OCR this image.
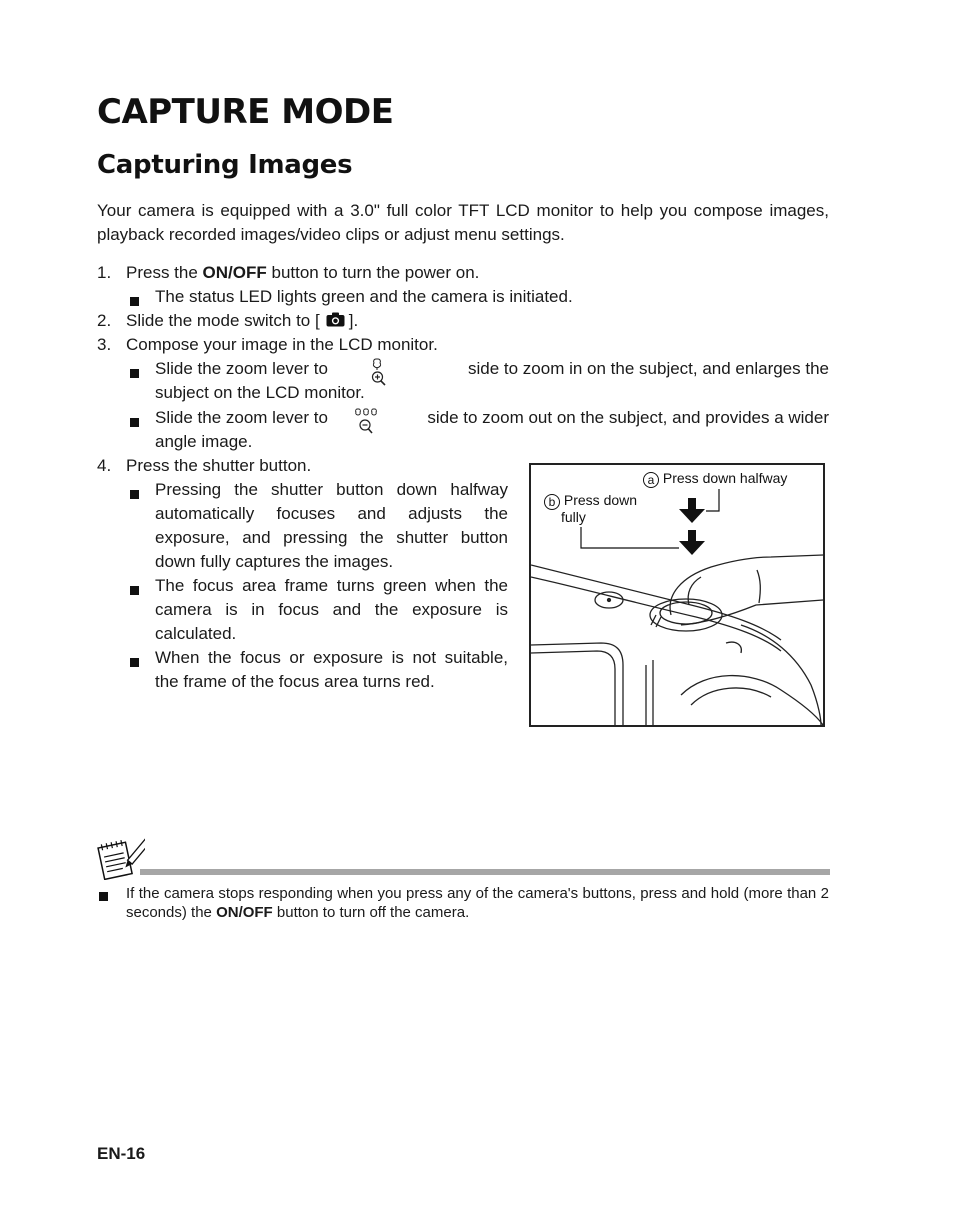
CAPTURE MODE
Capturing Images
Your camera is equipped with a 3.0" full color TFT LCD monitor to help you compose images, playback recorded images/video clips or adjust menu settings.
1. Press the ON/OFF button to turn the power on.
The status LED lights green and the camera is initiated.
2. Slide the mode switch to [ ].
3. Compose your image in the LCD monitor.
Slide the zoom lever to	side to zoom in on the subject, and enlarges the
subject on the LCD monitor.
Slide the zoom lever to	side to zoom out on the subject, and provides a wider
angle image.
4. Press the shutter button.
Pressing the shutter button down halfway automatically focuses and adjusts the exposure, and pressing the shutter button down fully captures the images.
The focus area frame turns green when the camera is in focus and the exposure is calculated.
When the focus or exposure is not suitable, the frame of the focus area turns red.
a Press down halfway
b Press down
fully
If the camera stops responding when you press any of the camera's buttons, press and hold (more than 2 seconds) the ON/OFF button to turn off the camera.
EN-16
